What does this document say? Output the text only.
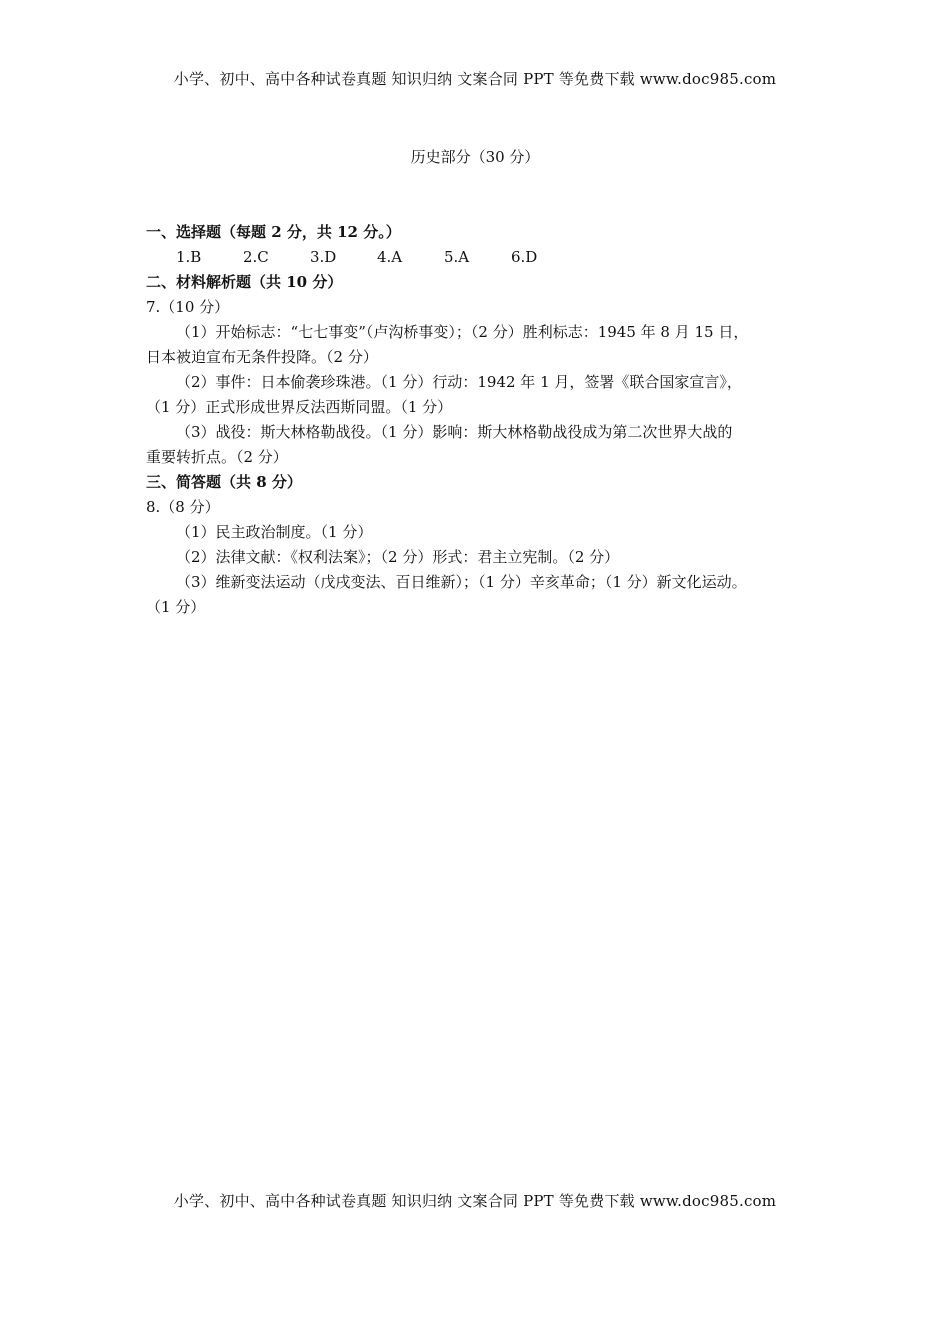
小学、初中、高中各种试卷真题 知识归纳 文案合同 PPT 等免费下载 www.doc985.com
历史部分（30 分）
一、选择题（每题 2 分，共 12 分。）
1.B	2.C	3.D	4.A	5.A	6.D
二、材料解析题（共 10 分）
7.（10 分）
（1）开始标志：“七七事变”（卢沟桥事变）；（2 分）胜利标志：1945 年 8 月 15 日，
日本被迫宣布无条件投降。（2 分）
（2）事件：日本偷袭珍珠港。（1 分）行动：1942 年 1 月，签署《联合国家宣言》，
（1 分）正式形成世界反法西斯同盟。（1 分）
（3）战役：斯大林格勒战役。（1 分）影响：斯大林格勒战役成为第二次世界大战的
重要转折点。（2 分）
三、简答题（共 8 分）
8.（8 分）
（1）民主政治制度。（1 分）
（2）法律文献：《权利法案》；（2 分）形式：君主立宪制。（2 分）
（3）维新变法运动（戊戌变法、百日维新）；（1 分）辛亥革命；（1 分）新文化运动。
（1 分）
小学、初中、高中各种试卷真题 知识归纳 文案合同 PPT 等免费下载 www.doc985.com
